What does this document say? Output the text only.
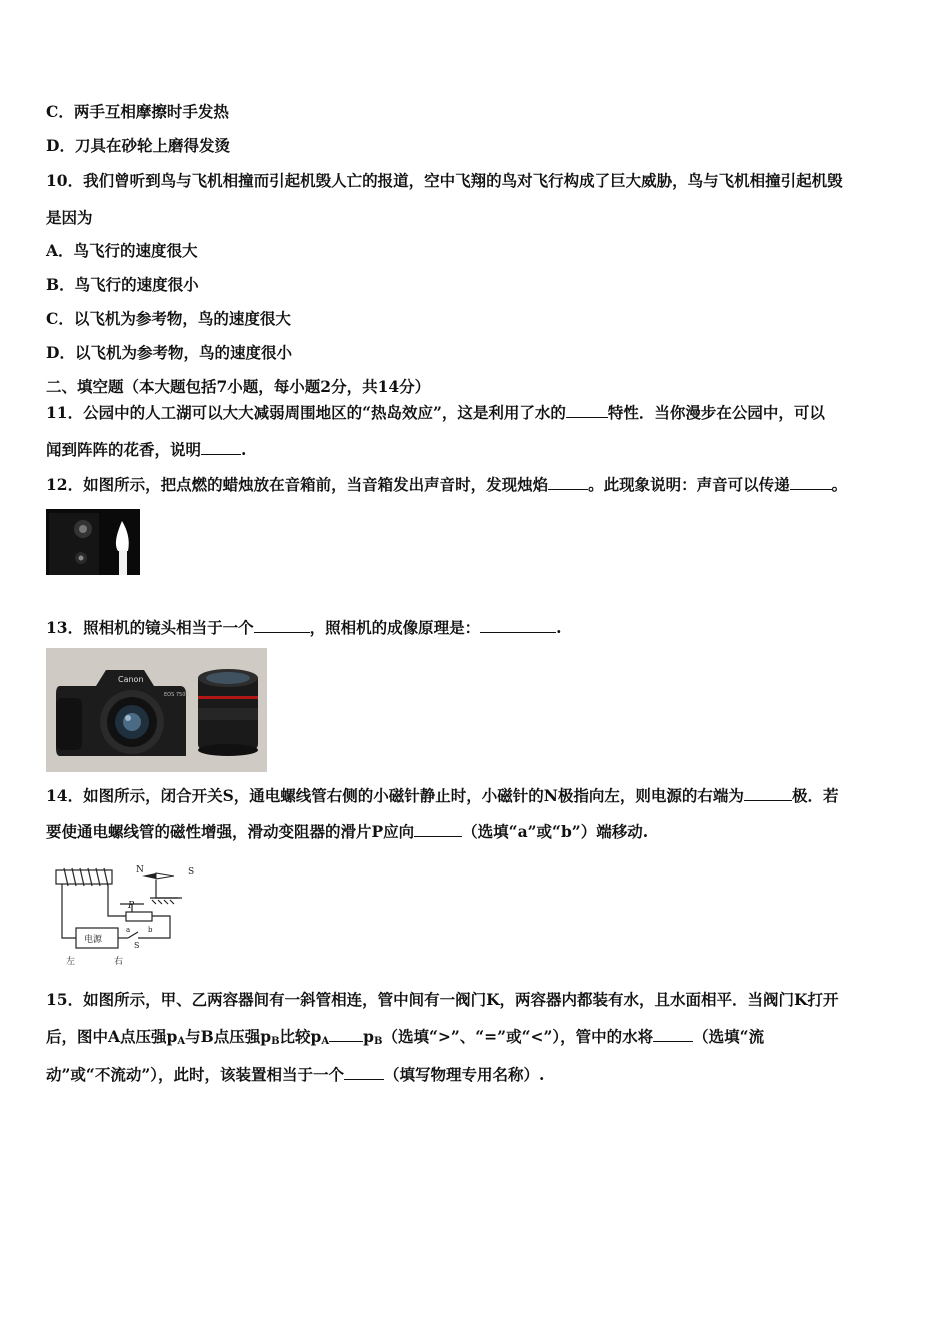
C．两手互相摩擦时手发热
D．刀具在砂轮上磨得发烫
10．我们曾听到鸟与飞机相撞而引起机毁人亡的报道，空中飞翔的鸟对飞行构成了巨大威胁，鸟与飞机相撞引起机毁
是因为
A．鸟飞行的速度很大
B．鸟飞行的速度很小
C．以飞机为参考物，鸟的速度很大
D．以飞机为参考物，鸟的速度很小
二、填空题（本大题包括7小题，每小题2分，共14分）
11．公园中的人工湖可以大大减弱周围地区的“热岛效应”，这是利用了水的	特性．当你漫步在公园中，可以
闻到阵阵的花香，说明	.
12．如图所示，把点燃的蜡烛放在音箱前，当音箱发出声音时，发现烛焰	。此现象说明：声音可以传递	。
13．照相机的镜头相当于一个	，照相机的成像原理是：	.
Canon
EOS 750D
14．如图所示，闭合开关S，通电螺线管右侧的小磁针静止时，小磁针的N极指向左，则电源的右端为	极．若
要使通电螺线管的磁性增强，滑动变阻器的滑片P应向	（选填“a”或“b”）端移动.
N	S
P
a	b
S
电源
左	右
15．如图所示，甲、乙两容器间有一斜管相连，管中间有一阀门K，两容器内都装有水，且水面相平．当阀门K打开
后，图中A点压强$p_A$与B点压强$p_B$比较$p_A$ $p_B$（选填“>”、“=”或“<”），管中的水将	（选填“流
动”或“不流动”），此时，该装置相当于一个	（填写物理专用名称）.
